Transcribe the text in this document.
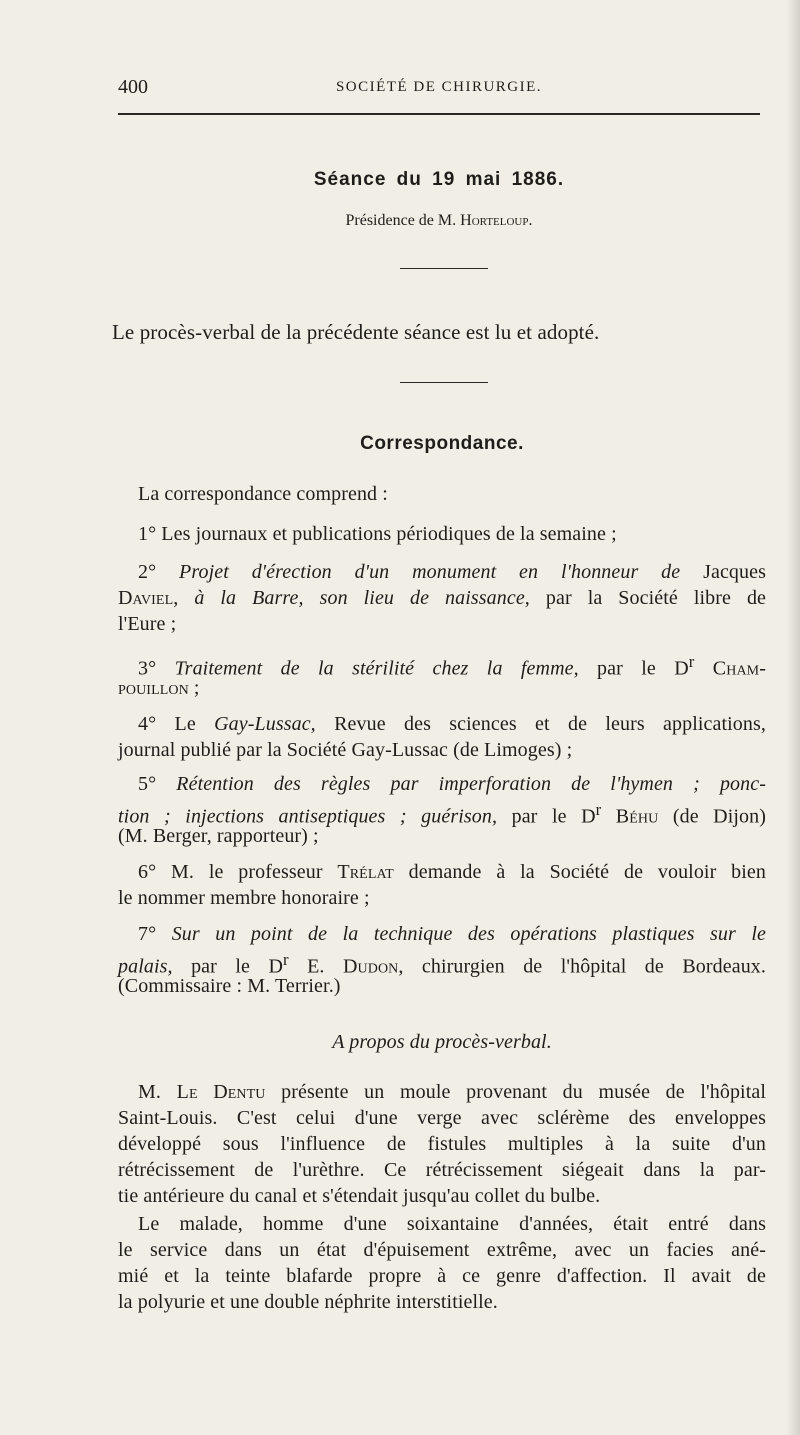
400	SOCIÉTÉ DE CHIRURGIE.
Séance du 19 mai 1886.
Présidence de M. Horteloup.
Le procès-verbal de la précédente séance est lu et adopté.
Correspondance.
La correspondance comprend :
1° Les journaux et publications périodiques de la semaine ;
2° Projet d'érection d'un monument en l'honneur de Jacques
Daviel, à la Barre, son lieu de naissance, par la Société libre de
l'Eure ;
3° Traitement de la stérilité chez la femme, par le $D^r$ Cham-
pouillon ;
4° Le Gay-Lussac, Revue des sciences et de leurs applications,
journal publié par la Société Gay-Lussac (de Limoges) ;
5° Rétention des règles par imperforation de l'hymen ; ponc-
tion ; injections antiseptiques ; guérison, par le $D^r$ Béhu (de Dijon)
(M. Berger, rapporteur) ;
6° M. le professeur Trélat demande à la Société de vouloir bien
le nommer membre honoraire ;
7° Sur un point de la technique des opérations plastiques sur le
palais, par le $D^r$ E. Dudon, chirurgien de l'hôpital de Bordeaux.
(Commissaire : M. Terrier.)
A propos du procès-verbal.
M. Le Dentu présente un moule provenant du musée de l'hôpital
Saint-Louis. C'est celui d'une verge avec sclérème des enveloppes
développé sous l'influence de fistules multiples à la suite d'un
rétrécissement de l'urèthre. Ce rétrécissement siégeait dans la par-
tie antérieure du canal et s'étendait jusqu'au collet du bulbe.
Le malade, homme d'une soixantaine d'années, était entré dans
le service dans un état d'épuisement extrême, avec un facies ané-
mié et la teinte blafarde propre à ce genre d'affection. Il avait de
la polyurie et une double néphrite interstitielle.
